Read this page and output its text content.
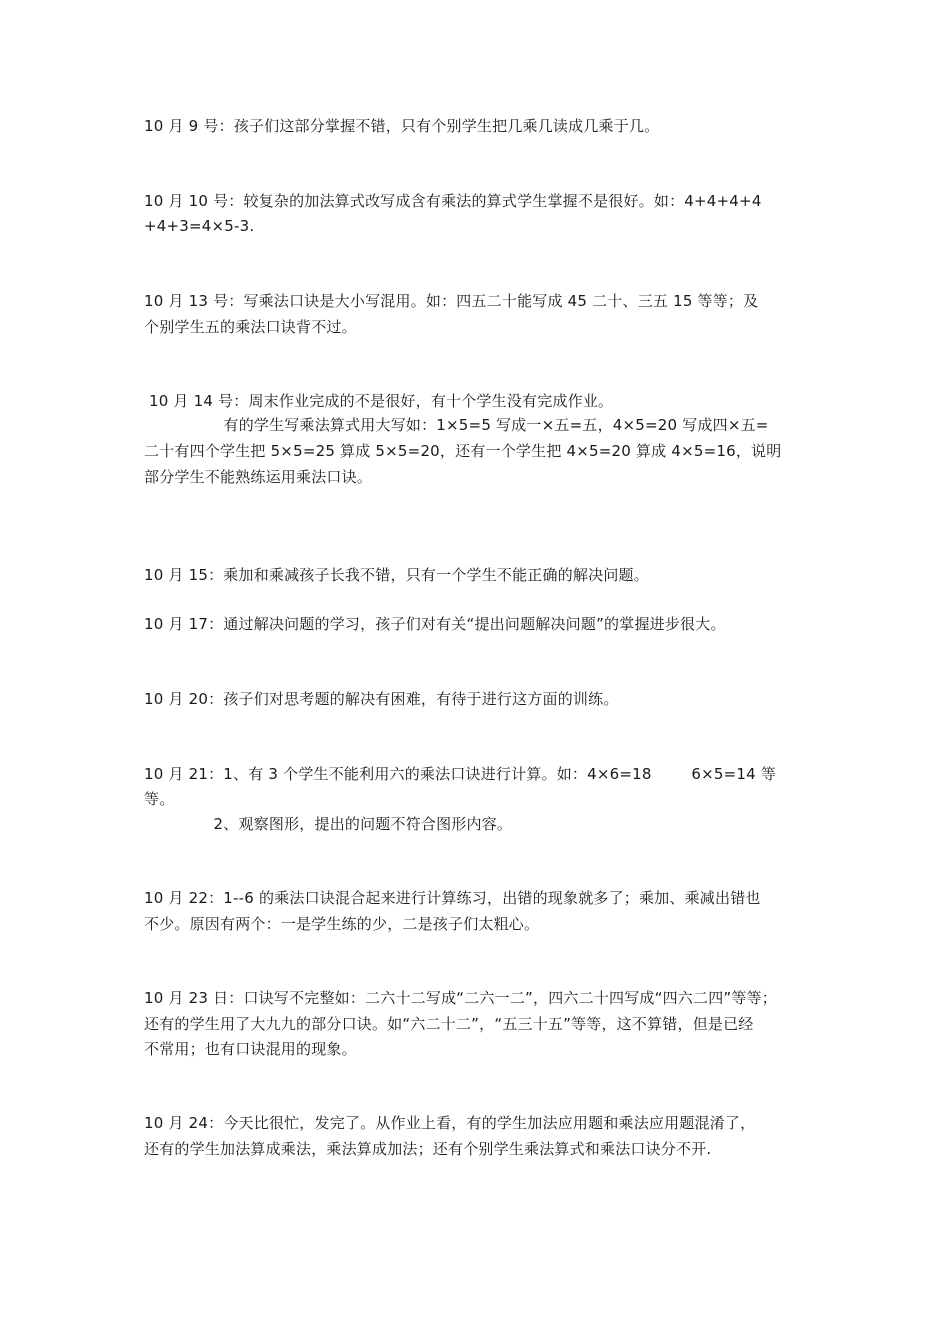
10 月 9 号：孩子们这部分掌握不错，只有个别学生把几乘几读成几乘于几。
10 月 10 号：较复杂的加法算式改写成含有乘法的算式学生掌握不是很好。如：4+4+4+4
+4+3=4×5-3.
10 月 13 号：写乘法口诀是大小写混用。如：四五二十能写成 45 二十、三五 15 等等；及
个别学生五的乘法口诀背不过。
10 月 14 号：周末作业完成的不是很好，有十个学生没有完成作业。
有的学生写乘法算式用大写如：1×5=5 写成一×五=五，4×5=20 写成四×五=
二十有四个学生把 5×5=25 算成 5×5=20，还有一个学生把 4×5=20 算成 4×5=16，说明
部分学生不能熟练运用乘法口诀。
10 月 15：乘加和乘减孩子长我不错，只有一个学生不能正确的解决问题。
10 月 17：通过解决问题的学习，孩子们对有关“提出问题解决问题”的掌握进步很大。
10 月 20：孩子们对思考题的解决有困难，有待于进行这方面的训练。
10 月 21：1、有 3 个学生不能利用六的乘法口诀进行计算。如：4×6=18        6×5=14 等
等。
2、观察图形，提出的问题不符合图形内容。
10 月 22：1--6 的乘法口诀混合起来进行计算练习，出错的现象就多了；乘加、乘减出错也
不少。原因有两个：一是学生练的少，二是孩子们太粗心。
10 月 23 日：口诀写不完整如：二六十二写成“二六一二”，四六二十四写成“四六二四”等等；
还有的学生用了大九九的部分口诀。如“六二十二”，“五三十五”等等，这不算错，但是已经
不常用；也有口诀混用的现象。
10 月 24：今天比很忙，发完了。从作业上看，有的学生加法应用题和乘法应用题混淆了，
还有的学生加法算成乘法，乘法算成加法；还有个别学生乘法算式和乘法口诀分不开.
